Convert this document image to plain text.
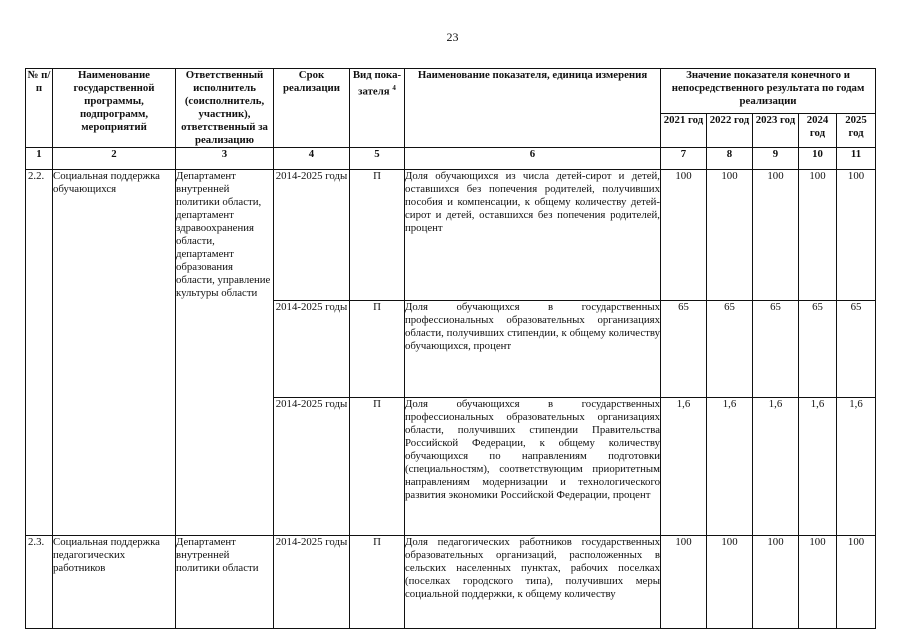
23
№ п/п	Наименование государственной программы, подпрограмм, мероприятий	Ответственный исполнитель (соисполнитель, участник), ответственный за реализацию	Срок реализации	Вид пока-зателя $^4$	Наименование показателя, единица измерения	Значение показателя конечного и непосредственного результата по годам реализации				
						2021 год	2022 год	2023 год	2024 год	2025 год
1	2	3	4	5	6	7	8	9	10	11
2.2.	Социальная поддержка обучающихся	Департамент внутренней политики области, департамент здравоохранения области, департамент образования области, управление культуры области	2014-2025 годы	П	Доля обучающихся из числа детей-сирот и детей, оставшихся без попечения родителей, получивших пособия и компенсации, к общему количеству детей-сирот и детей, оставшихся без попечения родителей, процент	100	100	100	100	100
			2014-2025 годы	П	Доля обучающихся в государственных профессиональных образовательных организациях области, получивших стипендии, к общему количеству обучающихся, процент	65	65	65	65	65
			2014-2025 годы	П	Доля обучающихся в государственных профессиональных образовательных организациях области, получивших стипендии Правительства Российской Федерации, к общему количеству обучающихся по направлениям подготовки (специальностям), соответствующим приоритетным направлениям модернизации и технологического развития экономики Российской Федерации, процент	1,6	1,6	1,6	1,6	1,6
2.3.	Социальная поддержка педагогических работников	Департамент внутренней политики области	2014-2025 годы	П	Доля педагогических работников государственных образовательных организаций, расположенных в сельских населенных пунктах, рабочих поселках (поселках городского типа), получивших меры социальной поддержки, к общему количеству	100	100	100	100	100
